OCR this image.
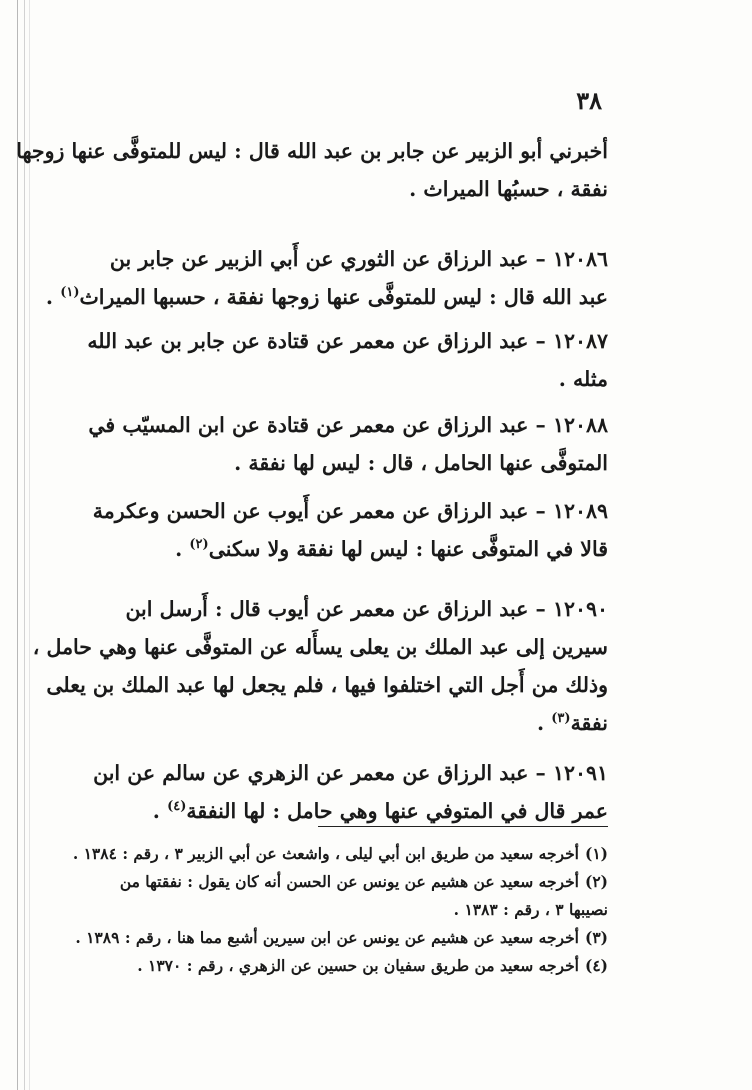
٣٨
أخبرني أبو الزبير عن جابر بن عبد الله قال : ليس للمتوفَّى عنها زوجها
نفقة ، حسبُها الميراث .
١٢٠٨٦ – عبد الرزاق عن الثوري عن أَبي الزبير عن جابر بن
عبد الله قال : ليس للمتوفَّى عنها زوجها نفقة ، حسبها الميراث$^{(١)}$ .
١٢٠٨٧ – عبد الرزاق عن معمر عن قتادة عن جابر بن عبد الله
مثله .
١٢٠٨٨ – عبد الرزاق عن معمر عن قتادة عن ابن المسيّب في
المتوفَّى عنها الحامل ، قال : ليس لها نفقة .
١٢٠٨٩ – عبد الرزاق عن معمر عن أَيوب عن الحسن وعكرمة
قالا في المتوفَّى عنها : ليس لها نفقة ولا سكنى$^{(٢)}$ .
١٢٠٩٠ – عبد الرزاق عن معمر عن أيوب قال : أَرسل ابن
سيرين إلى عبد الملك بن يعلى يسأَله عن المتوفَّى عنها وهي حامل ،
وذلك من أَجل التي اختلفوا فيها ، فلم يجعل لها عبد الملك بن يعلى
نفقة$^{(٣)}$ .
١٢٠٩١ – عبد الرزاق عن معمر عن الزهري عن سالم عن ابن
عمر قال في المتوفي عنها وهي حامل : لها النفقة$^{(٤)}$ .
(١)أخرجه سعيد من طريق ابن أبي ليلى ، واشعث عن أبي الزبير ٣ ، رقم : ١٣٨٤ .
(٢)أخرجه سعيد عن هشيم عن يونس عن الحسن أنه كان يقول : نفقتها من
نصيبها ٣ ، رقم : ١٣٨٣ .
(٣)أخرجه سعيد عن هشيم عن يونس عن ابن سيرين أشبع مما هنا ، رقم : ١٣٨٩ .
(٤)أخرجه سعيد من طريق سفيان بن حسين عن الزهري ، رقم : ١٣٧٠ .
